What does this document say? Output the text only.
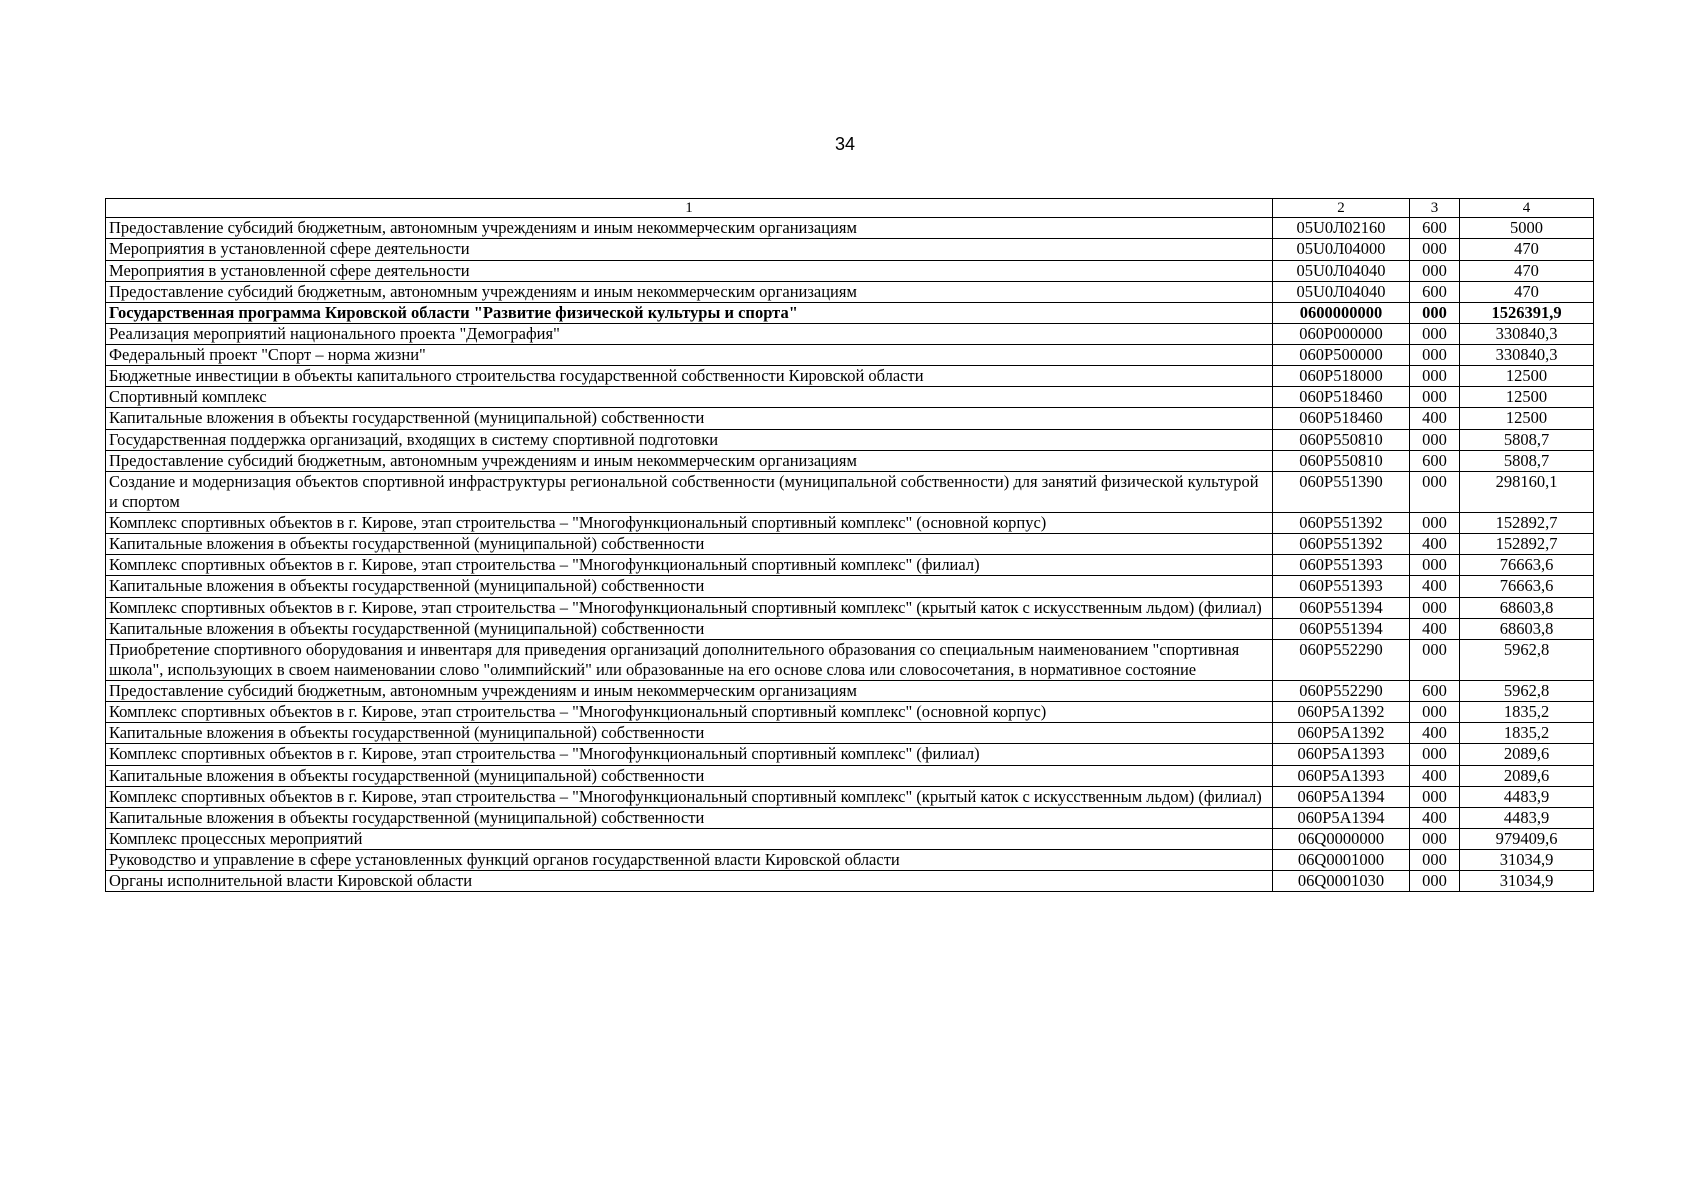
34
1	2	3	4
Предоставление субсидий бюджетным, автономным учреждениям и иным некоммерческим организациям	05U0Л02160	600	5000
Мероприятия в установленной сфере деятельности	05U0Л04000	000	470
Мероприятия в установленной сфере деятельности	05U0Л04040	000	470
Предоставление субсидий бюджетным, автономным учреждениям и иным некоммерческим организациям	05U0Л04040	600	470
Государственная программа Кировской области "Развитие физической культуры и спорта"	0600000000	000	1526391,9
Реализация мероприятий национального проекта "Демография"	060P000000	000	330840,3
Федеральный проект "Спорт – норма жизни"	060P500000	000	330840,3
Бюджетные инвестиции в объекты капитального строительства государственной собственности Кировской области	060P518000	000	12500
Спортивный комплекс	060P518460	000	12500
Капитальные вложения в объекты государственной (муниципальной) собственности	060P518460	400	12500
Государственная поддержка организаций, входящих в систему спортивной подготовки	060P550810	000	5808,7
Предоставление субсидий бюджетным, автономным учреждениям и иным некоммерческим организациям	060P550810	600	5808,7
Создание и модернизация объектов спортивной инфраструктуры региональной собственности (муниципальной собственности) для занятий физической культурой и спортом	060P551390	000	298160,1
Комплекс спортивных объектов в г. Кирове, этап строительства – "Многофункциональный спортивный комплекс" (основной корпус)	060P551392	000	152892,7
Капитальные вложения в объекты государственной (муниципальной) собственности	060P551392	400	152892,7
Комплекс спортивных объектов в г. Кирове, этап строительства – "Многофункциональный спортивный комплекс" (филиал)	060P551393	000	76663,6
Капитальные вложения в объекты государственной (муниципальной) собственности	060P551393	400	76663,6
Комплекс спортивных объектов в г. Кирове, этап строительства – "Многофункциональный спортивный комплекс" (крытый каток с искусственным льдом) (филиал)	060P551394	000	68603,8
Капитальные вложения в объекты государственной (муниципальной) собственности	060P551394	400	68603,8
Приобретение спортивного оборудования и инвентаря для приведения организаций дополнительного образования со специальным наименованием "спортивная школа", использующих в своем наименовании слово "олимпийский" или образованные на его основе слова или словосочетания, в нормативное состояние	060P552290	000	5962,8
Предоставление субсидий бюджетным, автономным учреждениям и иным некоммерческим организациям	060P552290	600	5962,8
Комплекс спортивных объектов в г. Кирове, этап строительства – "Многофункциональный спортивный комплекс" (основной корпус)	060P5A1392	000	1835,2
Капитальные вложения в объекты государственной (муниципальной) собственности	060P5A1392	400	1835,2
Комплекс спортивных объектов в г. Кирове, этап строительства – "Многофункциональный спортивный комплекс" (филиал)	060P5A1393	000	2089,6
Капитальные вложения в объекты государственной (муниципальной) собственности	060P5A1393	400	2089,6
Комплекс спортивных объектов в г. Кирове, этап строительства – "Многофункциональный спортивный комплекс" (крытый каток с искусственным льдом) (филиал)	060P5A1394	000	4483,9
Капитальные вложения в объекты государственной (муниципальной) собственности	060P5A1394	400	4483,9
Комплекс процессных мероприятий	06Q0000000	000	979409,6
Руководство и управление в сфере установленных функций органов государственной власти Кировской области	06Q0001000	000	31034,9
Органы исполнительной власти Кировской области	06Q0001030	000	31034,9
